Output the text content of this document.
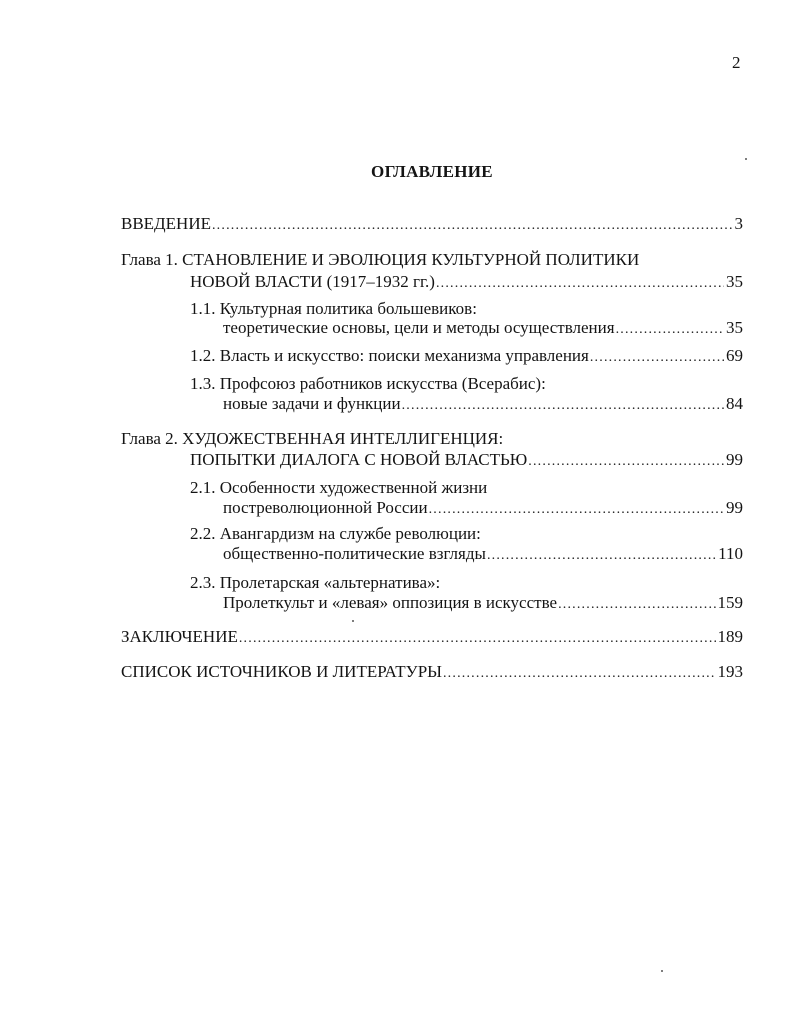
2
ОГЛАВЛЕНИЕ
ВВЕДЕНИЕ .....	3
Глава 1. СТАНОВЛЕНИЕ И ЭВОЛЮЦИЯ КУЛЬТУРНОЙ ПОЛИТИКИ
НОВОЙ ВЛАСТИ (1917–1932 гг.) .....	35
1.1. Культурная политика большевиков:
теоретические основы, цели и методы осуществления .....	35
1.2. Власть и искусство: поиски механизма управления .....	69
1.3. Профсоюз работников искусства (Всерабис):
новые задачи и функции .....	84
Глава 2. ХУДОЖЕСТВЕННАЯ ИНТЕЛЛИГЕНЦИЯ:
ПОПЫТКИ ДИАЛОГА С НОВОЙ ВЛАСТЬЮ .....	99
2.1. Особенности художественной жизни
постреволюционной России .....	99
2.2. Авангардизм на службе революции:
общественно-политические взгляды .....	110
2.3. Пролетарская «альтернатива»:
Пролеткульт и «левая» оппозиция в искусстве .....	159
ЗАКЛЮЧЕНИЕ .....	189
СПИСОК ИСТОЧНИКОВ И ЛИТЕРАТУРЫ .....	193
